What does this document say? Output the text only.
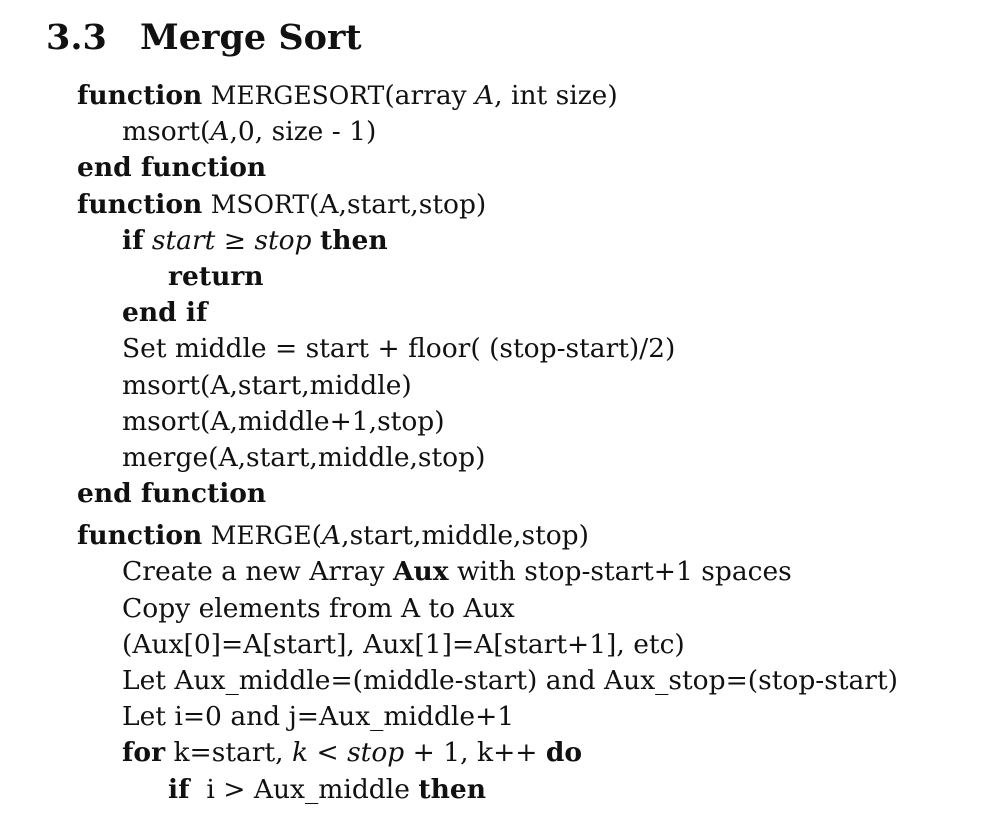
3.3 Merge Sort
function MERGESORT(array A, int size)
msort(A,0, size - 1)
end function
function MSORT(A,start,stop)
if start ≥ stop then
return
end if
Set middle = start + floor( (stop-start)/2)
msort(A,start,middle)
msort(A,middle+1,stop)
merge(A,start,middle,stop)
end function
function MERGE(A,start,middle,stop)
Create a new Array Aux with stop-start+1 spaces
Copy elements from A to Aux
(Aux[0]=A[start], Aux[1]=A[start+1], etc)
Let Aux_middle=(middle-start) and Aux_stop=(stop-start)
Let i=0 and j=Aux_middle+1
for k=start, k < stop + 1, k++ do
if  i > Aux_middle then
